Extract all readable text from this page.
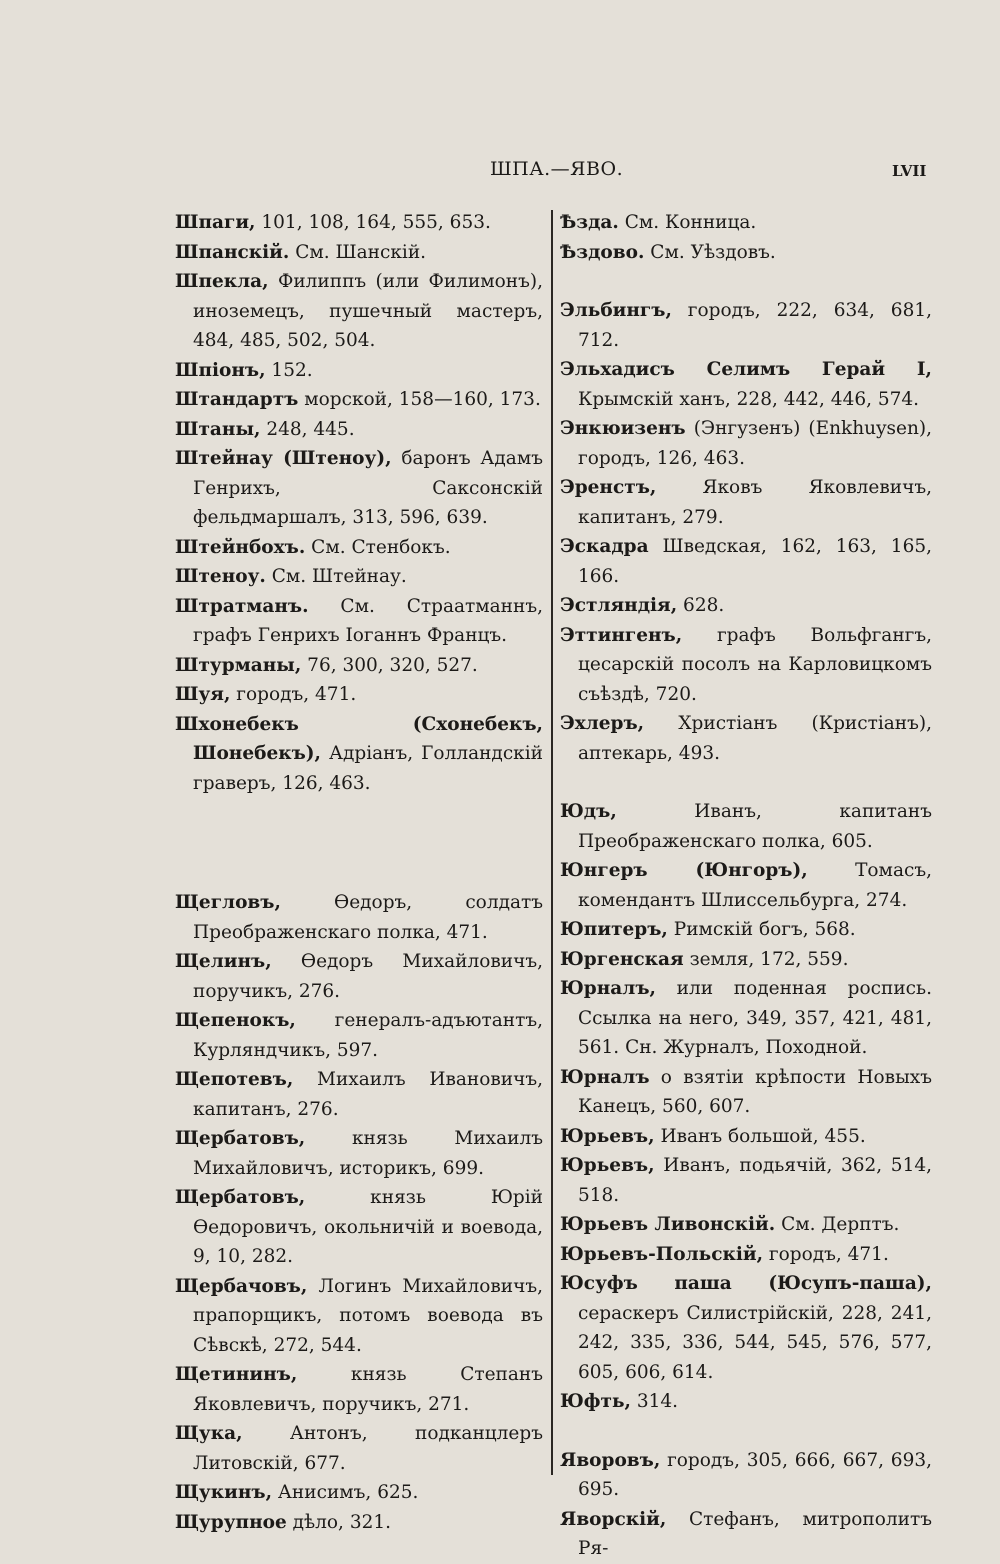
ШПА.—ЯВО.	LVII

Шпаги, 101, 108, 164, 555, 653.

Шпанскій. См. Шанскій.

Шпекла, Филиппъ (или Филимонъ), иноземецъ, пушечный мастеръ, 484, 485, 502, 504.

Шпіонъ, 152.

Штандартъ морской, 158—160, 173.

Штаны, 248, 445.

Штейнау (Штеноу), баронъ Адамъ Генрихъ, Саксонскій фельдмаршалъ, 313, 596, 639.

Штейнбохъ. См. Стенбокъ.

Штеноу. См. Штейнау.

Штратманъ. См. Страатманнъ, графъ Генрихъ Іоганнъ Францъ.

Штурманы, 76, 300, 320, 527.

Шуя, городъ, 471.

Шхонебекъ (Схонебекъ, Шонебекъ), Адріанъ, Голландскій граверъ, 126, 463.

Щегловъ, Өедоръ, солдатъ Преображенскаго полка, 471.

Щелинъ, Өедоръ Михайловичъ, поручикъ, 276.

Щепенокъ, генералъ-адъютантъ, Курляндчикъ, 597.

Щепотевъ, Михаилъ Ивановичъ, капитанъ, 276.

Щербатовъ, князь Михаилъ Михайловичъ, историкъ, 699.

Щербатовъ, князь Юрій Өедоровичъ, окольничій и воевода, 9, 10, 282.

Щербачовъ, Логинъ Михайловичъ, прапорщикъ, потомъ воевода въ Сѣвскѣ, 272, 544.

Щетининъ, князь Степанъ Яковлевичъ, поручикъ, 271.

Щука, Антонъ, подканцлеръ Литовскій, 677.

Щукинъ, Анисимъ, 625.

Щурупное дѣло, 321.

Ѣзда. См. Конница.

Ѣздово. См. Уѣздовъ.

Эльбингъ, городъ, 222, 634, 681, 712.

Эльхадисъ Селимъ Герай I, Крымскій ханъ, 228, 442, 446, 574.

Энкюизенъ (Энгузенъ) (Enkhuysen), городъ, 126, 463.

Эренстъ, Яковъ Яковлевичъ, капитанъ, 279.

Эскадра Шведская, 162, 163, 165, 166.

Эстляндія, 628.

Эттингенъ, графъ Вольфгангъ, цесарскій посолъ на Карловицкомъ съѣздѣ, 720.

Эхлеръ, Христіанъ (Кристіанъ), аптекарь, 493.

Юдъ, Иванъ, капитанъ Преображенскаго полка, 605.

Юнгеръ (Юнгоръ), Томасъ, комендантъ Шлиссельбурга, 274.

Юпитеръ, Римскій богъ, 568.

Юргенская земля, 172, 559.

Юрналъ, или поденная роспись. Ссылка на него, 349, 357, 421, 481, 561. Сн. Журналъ, Походной.

Юрналъ о взятіи крѣпости Новыхъ Канецъ, 560, 607.

Юрьевъ, Иванъ большой, 455.

Юрьевъ, Иванъ, подьячій, 362, 514, 518.

Юрьевъ Ливонскій. См. Дерптъ.

Юрьевъ-Польскій, городъ, 471.

Юсуфъ паша (Юсупъ-паша), сераскеръ Силистрійскій, 228, 241, 242, 335, 336, 544, 545, 576, 577, 605, 606, 614.

Юфть, 314.

Яворовъ, городъ, 305, 666, 667, 693, 695.

Яворскій, Стефанъ, митрополитъ Ря-
